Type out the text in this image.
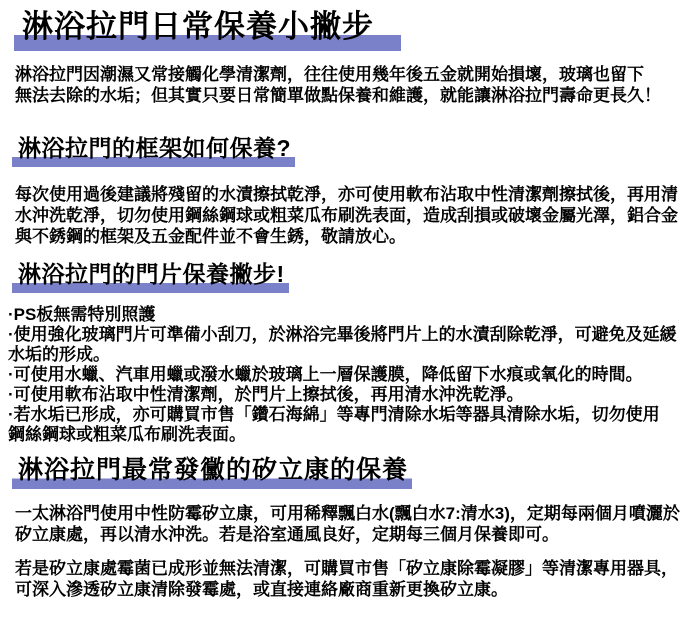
淋浴拉門日常保養小撇步
淋浴拉門因潮濕又常接觸化學清潔劑，往往使用幾年後五金就開始損壞，玻璃也留下
無法去除的水垢；但其實只要日常簡單做點保養和維護，就能讓淋浴拉門壽命更長久！
淋浴拉門的框架如何保養?
每次使用過後建議將殘留的水漬擦拭乾淨，亦可使用軟布沾取中性清潔劑擦拭後，再用清
水沖洗乾淨，切勿使用鋼絲鋼球或粗菜瓜布刷洗表面，造成刮損或破壞金屬光澤，鋁合金
與不銹鋼的框架及五金配件並不會生銹，敬請放心。
淋浴拉門的門片保養撇步!
·PS板無需特別照護
·使用強化玻璃門片可準備小刮刀，於淋浴完畢後將門片上的水漬刮除乾淨，可避免及延緩
水垢的形成。
·可使用水蠟、汽車用蠟或潑水蠟於玻璃上一層保護膜，降低留下水痕或氧化的時間。
·可使用軟布沾取中性清潔劑，於門片上擦拭後，再用清水沖洗乾淨。
·若水垢已形成，亦可購買市售「鑽石海綿」等專門清除水垢等器具清除水垢，切勿使用
鋼絲鋼球或粗菜瓜布刷洗表面。
淋浴拉門最常發黴的矽立康的保養
一太淋浴門使用中性防霉矽立康，可用稀釋飄白水(飄白水7:清水3)，定期每兩個月噴灑於
矽立康處，再以清水沖洗。若是浴室通風良好，定期每三個月保養即可。
若是矽立康處霉菌已成形並無法清潔，可購買市售「矽立康除霉凝膠」等清潔專用器具，
可深入滲透矽立康清除發霉處，或直接連絡廠商重新更換矽立康。
